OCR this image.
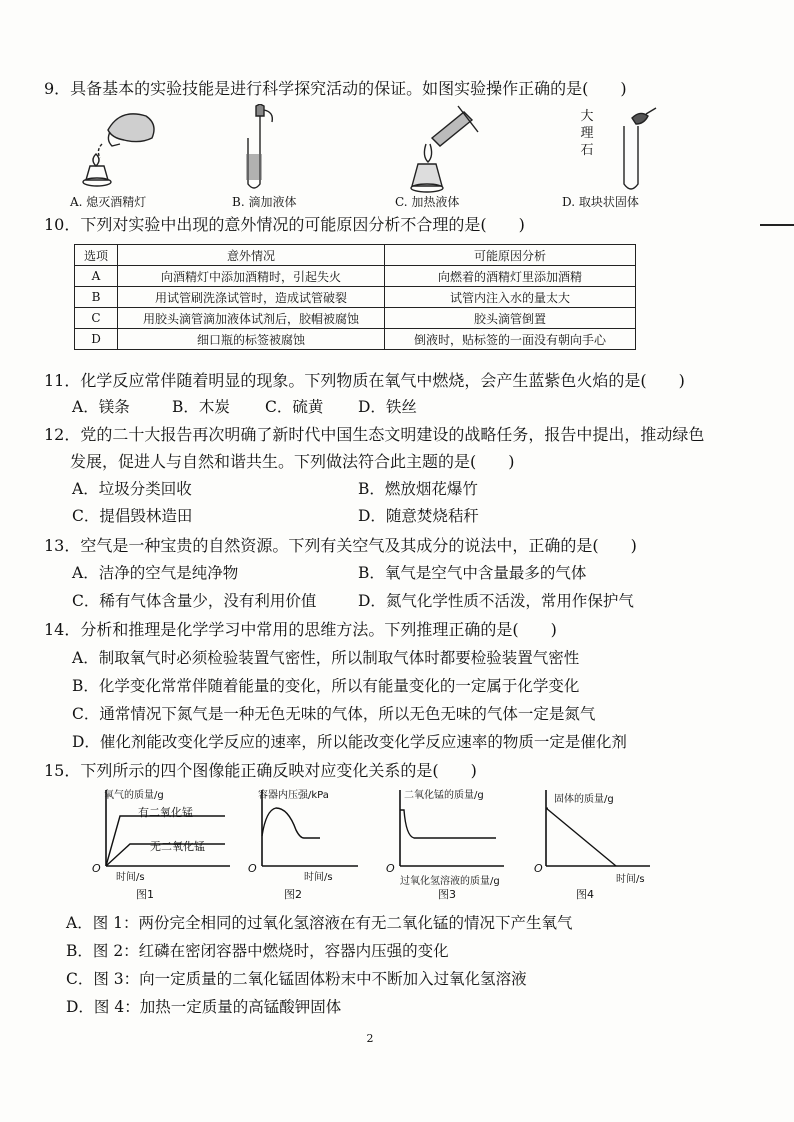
9．具备基本的实验技能是进行科学探究活动的保证。如图实验操作正确的是(　　)
大
理
石
A. 熄灭酒精灯	B. 滴加液体	C. 加热液体	D. 取块状固体
10．下列对实验中出现的意外情况的可能原因分析不合理的是(　　)
选项	意外情况	可能原因分析
A	向酒精灯中添加酒精时，引起失火	向燃着的酒精灯里添加酒精
B	用试管刷洗涤试管时，造成试管破裂	试管内注入水的量太大
C	用胶头滴管滴加液体试剂后，胶帽被腐蚀	胶头滴管倒置
D	细口瓶的标签被腐蚀	倒液时，贴标签的一面没有朝向手心
11．化学反应常伴随着明显的现象。下列物质在氧气中燃烧，会产生蓝紫色火焰的是(　　)
A．镁条	B．木炭 C．硫黄 D．铁丝
12．党的二十大报告再次明确了新时代中国生态文明建设的战略任务，报告中提出，推动绿色
发展，促进人与自然和谐共生。下列做法符合此主题的是(　　)
A．垃圾分类回收	B．燃放烟花爆竹
C．提倡毁林造田	D．随意焚烧秸秆
13．空气是一种宝贵的自然资源。下列有关空气及其成分的说法中，正确的是(　　)
A．洁净的空气是纯净物	B．氧气是空气中含量最多的气体
C．稀有气体含量少，没有利用价值	D．氮气化学性质不活泼，常用作保护气
14．分析和推理是化学学习中常用的思维方法。下列推理正确的是(　　)
A．制取氧气时必须检验装置气密性，所以制取气体时都要检验装置气密性
B．化学变化常常伴随着能量的变化，所以有能量变化的一定属于化学变化
C．通常情况下氮气是一种无色无味的气体，所以无色无味的气体一定是氮气
D．催化剂能改变化学反应的速率，所以能改变化学反应速率的物质一定是催化剂
15．下列所示的四个图像能正确反映对应变化关系的是(　　)
氧气的质量/g
有二氧化锰
无二氧化锰
O
时间/s
图1
容器内压强/kPa
O
时间/s
图2
二氧化锰的质量/g
O
过氧化氢溶液的质量/g
图3
固体的质量/g
O
时间/s
图4
A．图 1：两份完全相同的过氧化氢溶液在有无二氧化锰的情况下产生氧气
B．图 2：红磷在密闭容器中燃烧时，容器内压强的变化
C．图 3：向一定质量的二氧化锰固体粉末中不断加入过氧化氢溶液
D．图 4：加热一定质量的高锰酸钾固体
2
